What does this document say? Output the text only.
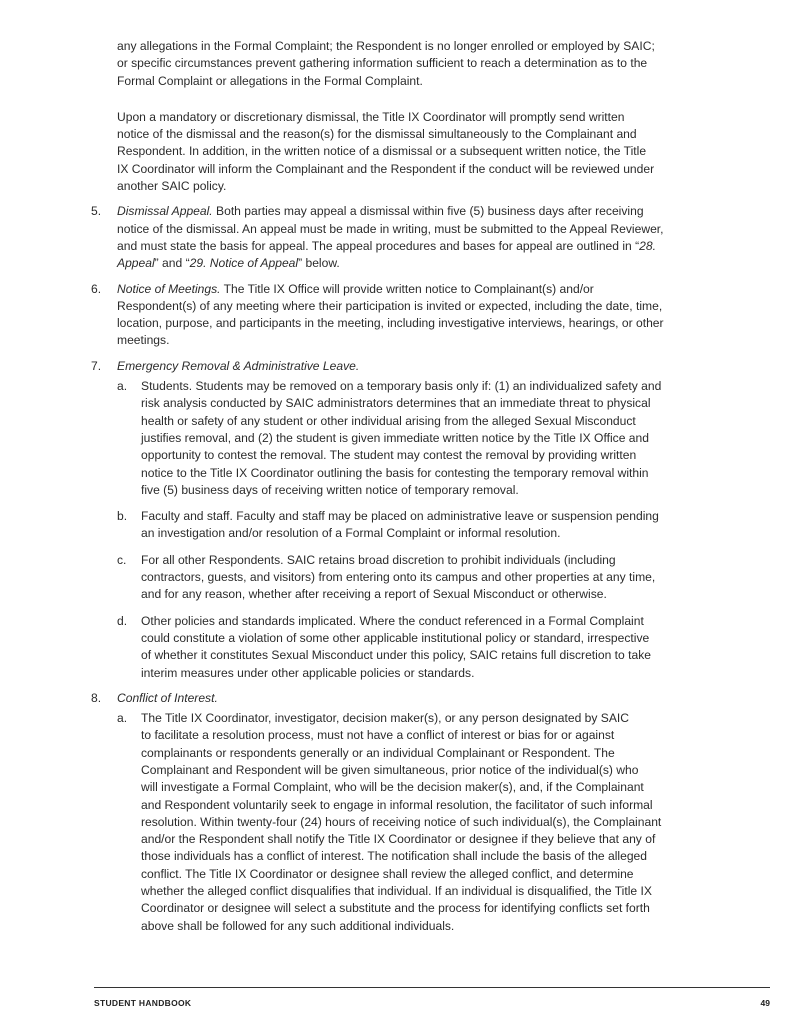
any allegations in the Formal Complaint; the Respondent is no longer enrolled or employed by SAIC;
or specific circumstances prevent gathering information sufficient to reach a determination as to the
Formal Complaint or allegations in the Formal Complaint.
Upon a mandatory or discretionary dismissal, the Title IX Coordinator will promptly send written
notice of the dismissal and the reason(s) for the dismissal simultaneously to the Complainant and
Respondent. In addition, in the written notice of a dismissal or a subsequent written notice, the Title
IX Coordinator will inform the Complainant and the Respondent if the conduct will be reviewed under
another SAIC policy.
5. Dismissal Appeal. Both parties may appeal a dismissal within five (5) business days after receiving
notice of the dismissal. An appeal must be made in writing, must be submitted to the Appeal Reviewer,
and must state the basis for appeal. The appeal procedures and bases for appeal are outlined in “28.
Appeal” and “29. Notice of Appeal” below.
6. Notice of Meetings. The Title IX Office will provide written notice to Complainant(s) and/or
Respondent(s) of any meeting where their participation is invited or expected, including the date, time,
location, purpose, and participants in the meeting, including investigative interviews, hearings, or other
meetings.
7. Emergency Removal & Administrative Leave.
a. Students. Students may be removed on a temporary basis only if: (1) an individualized safety and
risk analysis conducted by SAIC administrators determines that an immediate threat to physical
health or safety of any student or other individual arising from the alleged Sexual Misconduct
justifies removal, and (2) the student is given immediate written notice by the Title IX Office and
opportunity to contest the removal. The student may contest the removal by providing written
notice to the Title IX Coordinator outlining the basis for contesting the temporary removal within
five (5) business days of receiving written notice of temporary removal.
b. Faculty and staff. Faculty and staff may be placed on administrative leave or suspension pending
an investigation and/or resolution of a Formal Complaint or informal resolution.
c. For all other Respondents. SAIC retains broad discretion to prohibit individuals (including
contractors, guests, and visitors) from entering onto its campus and other properties at any time,
and for any reason, whether after receiving a report of Sexual Misconduct or otherwise.
d. Other policies and standards implicated. Where the conduct referenced in a Formal Complaint
could constitute a violation of some other applicable institutional policy or standard, irrespective
of whether it constitutes Sexual Misconduct under this policy, SAIC retains full discretion to take
interim measures under other applicable policies or standards.
8. Conflict of Interest.
a. The Title IX Coordinator, investigator, decision maker(s), or any person designated by SAIC
to facilitate a resolution process, must not have a conflict of interest or bias for or against
complainants or respondents generally or an individual Complainant or Respondent. The
Complainant and Respondent will be given simultaneous, prior notice of the individual(s) who
will investigate a Formal Complaint, who will be the decision maker(s), and, if the Complainant
and Respondent voluntarily seek to engage in informal resolution, the facilitator of such informal
resolution. Within twenty-four (24) hours of receiving notice of such individual(s), the Complainant
and/or the Respondent shall notify the Title IX Coordinator or designee if they believe that any of
those individuals has a conflict of interest. The notification shall include the basis of the alleged
conflict. The Title IX Coordinator or designee shall review the alleged conflict, and determine
whether the alleged conflict disqualifies that individual. If an individual is disqualified, the Title IX
Coordinator or designee will select a substitute and the process for identifying conflicts set forth
above shall be followed for any such additional individuals.
STUDENT HANDBOOK	49
